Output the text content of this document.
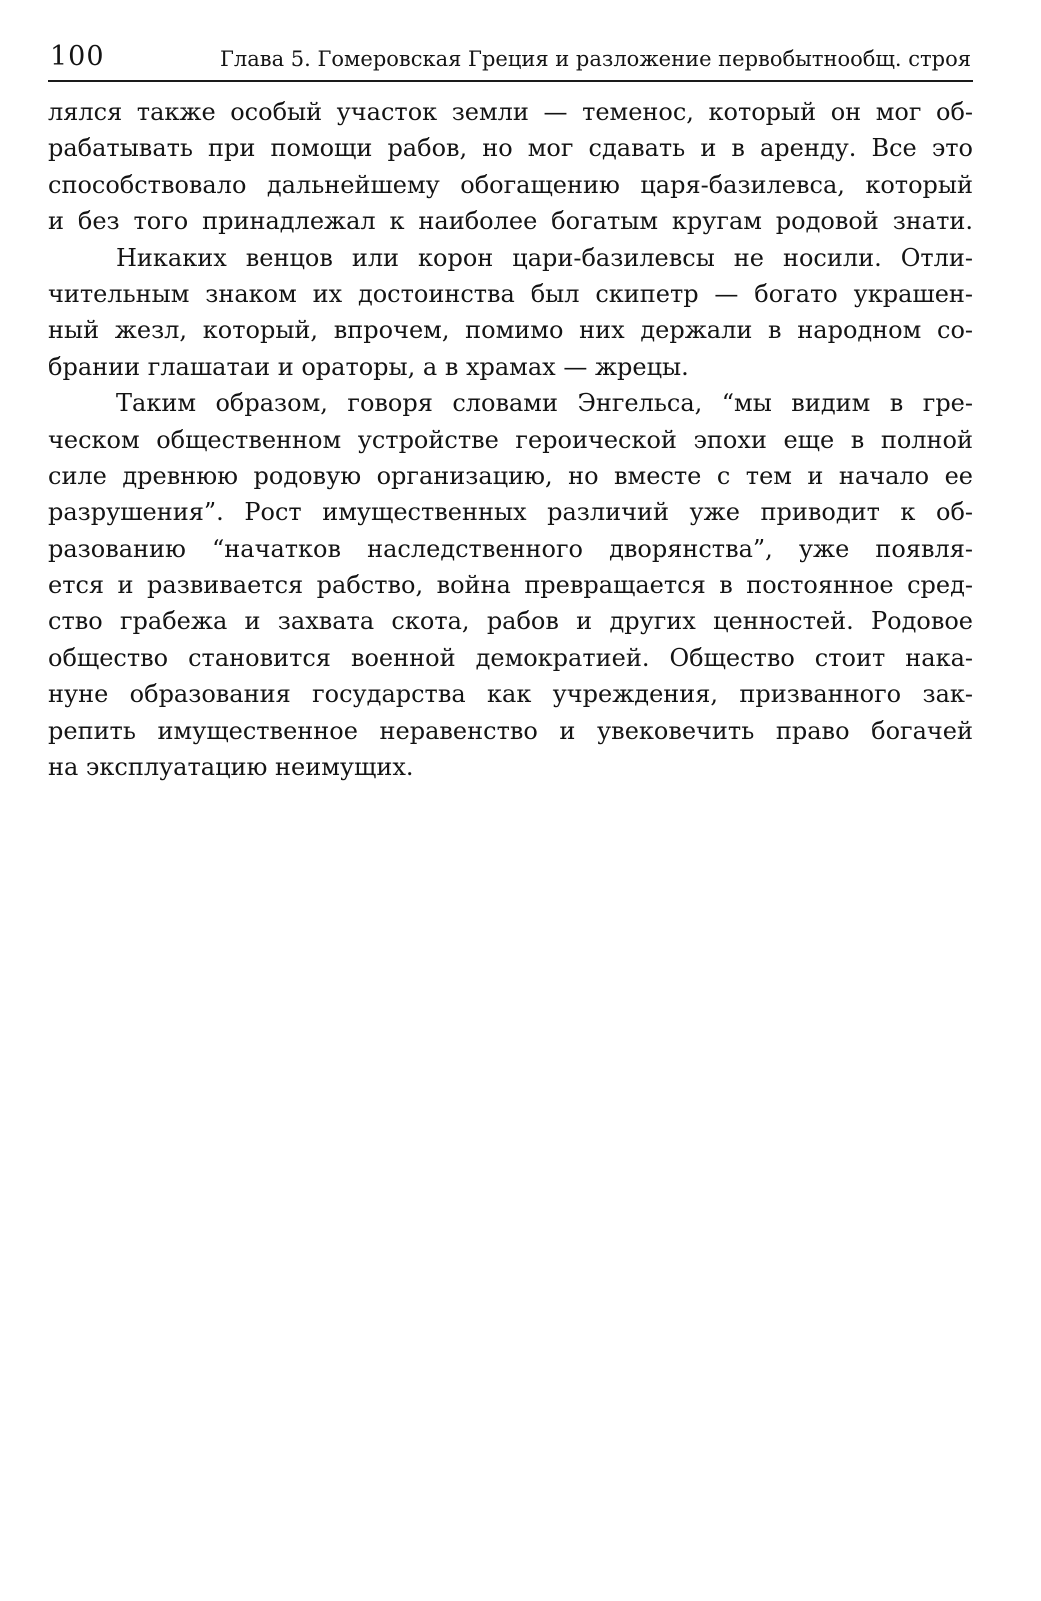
100	Глава 5. Гомеровская Греция и разложение первобытнообщ. строя
лялся также особый участок земли — теменос, который он мог об-
рабатывать при помощи рабов, но мог сдавать и в аренду. Все это
способствовало дальнейшему обогащению царя-базилевса, который
и без того принадлежал к наиболее богатым кругам родовой знати.
Никаких венцов или корон цари-базилевсы не носили. Отли-
чительным знаком их достоинства был скипетр — богато украшен-
ный жезл, который, впрочем, помимо них держали в народном со-
брании глашатаи и ораторы, а в храмах — жрецы.
Таким образом, говоря словами Энгельса, “мы видим в гре-
ческом общественном устройстве героической эпохи еще в полной
силе древнюю родовую организацию, но вместе с тем и начало ее
разрушения”. Рост имущественных различий уже приводит к об-
разованию “начатков наследственного дворянства”, уже появля-
ется и развивается рабство, война превращается в постоянное сред-
ство грабежа и захвата скота, рабов и других ценностей. Родовое
общество становится военной демократией. Общество стоит нака-
нуне образования государства как учреждения, призванного зак-
репить имущественное неравенство и увековечить право богачей
на эксплуатацию неимущих.
